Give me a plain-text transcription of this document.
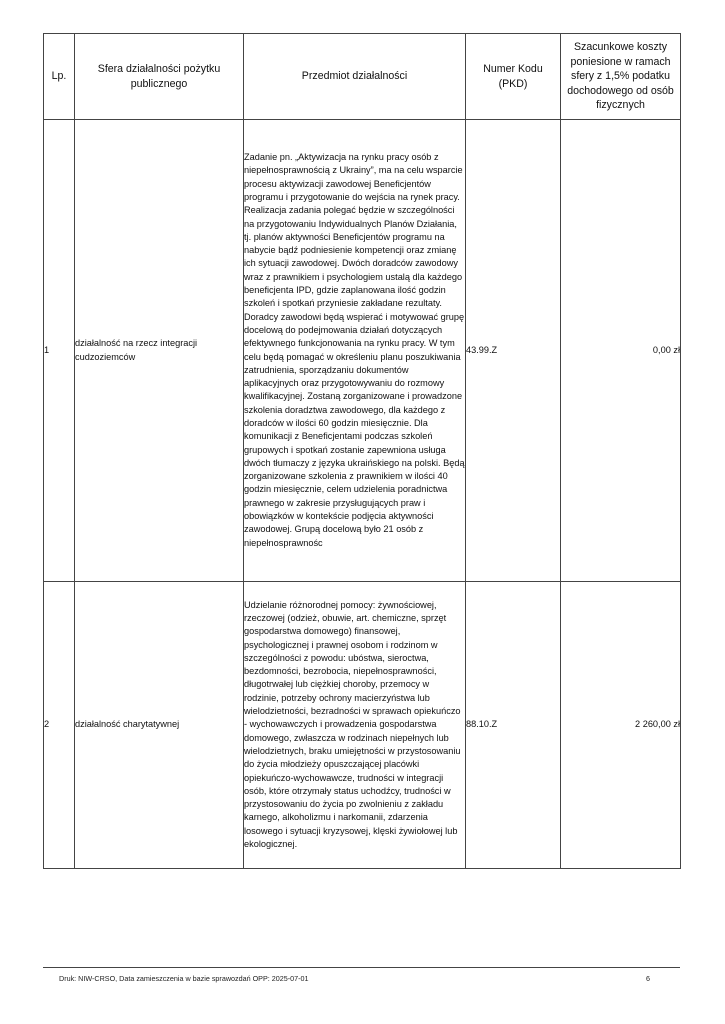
Lp.	Sfera działalności pożytku publicznego	Przedmiot działalności	Numer Kodu (PKD)	Szacunkowe koszty poniesione w ramach sfery z 1,5% podatku dochodowego od osób fizycznych
1	działalność na rzecz integracji cudzoziemców	Zadanie pn. „Aktywizacja na rynku pracy osób z niepełnosprawnością z Ukrainy”, ma na celu wsparcie procesu aktywizacji zawodowej Beneficjentów programu i przygotowanie do wejścia na rynek pracy. Realizacja zadania polegać będzie w szczególności na przygotowaniu Indywidualnych Planów Działania, tj. planów aktywności Beneficjentów programu na nabycie bądź podniesienie kompetencji oraz zmianę ich sytuacji zawodowej. Dwóch doradców zawodowy wraz z prawnikiem i psychologiem ustalą dla każdego beneficjenta IPD, gdzie zaplanowana ilość godzin szkoleń i spotkań przyniesie zakładane rezultaty. Doradcy zawodowi będą wspierać i motywować grupę docelową do podejmowania działań dotyczących efektywnego funkcjonowania na rynku pracy. W tym celu będą pomagać w określeniu planu poszukiwania zatrudnienia, sporządzaniu dokumentów aplikacyjnych oraz przygotowywaniu do rozmowy kwalifikacyjnej. Zostaną zorganizowane i prowadzone szkolenia doradztwa zawodowego, dla każdego z doradców w ilości 60 godzin miesięcznie. Dla komunikacji z Beneficjentami podczas szkoleń grupowych i spotkań zostanie zapewniona usługa dwóch tłumaczy z języka ukraińskiego na polski. Będą zorganizowane szkolenia z prawnikiem w ilości 40 godzin miesięcznie, celem udzielenia poradnictwa prawnego w zakresie przysługujących praw i obowiązków w kontekście podjęcia aktywności zawodowej. Grupą docelową było 21 osób z niepełnosprawnośc	43.99.Z	0,00 zł
2	działalność charytatywnej	Udzielanie różnorodnej pomocy: żywnościowej, rzeczowej (odzież, obuwie, art. chemiczne, sprzęt gospodarstwa domowego) finansowej, psychologicznej i prawnej osobom i rodzinom w szczególności z powodu: ubóstwa, sieroctwa, bezdomności, bezrobocia, niepełnosprawności, długotrwałej lub ciężkiej choroby, przemocy w rodzinie, potrzeby ochrony macierzyństwa lub wielodzietności, bezradności w sprawach opiekuńczo - wychowawczych i prowadzenia gospodarstwa domowego, zwłaszcza w rodzinach niepełnych lub wielodzietnych, braku umiejętności w przystosowaniu do życia młodzieży opuszczającej placówki opiekuńczo-wychowawcze, trudności w integracji osób, które otrzymały status uchodźcy, trudności w przystosowaniu do życia po zwolnieniu z zakładu karnego, alkoholizmu i narkomanii, zdarzenia losowego i sytuacji kryzysowej, klęski żywiołowej lub ekologicznej.	88.10.Z	2 260,00 zł
Druk: NIW-CRSO, Data zamieszczenia w bazie sprawozdań OPP: 2025-07-01	6
